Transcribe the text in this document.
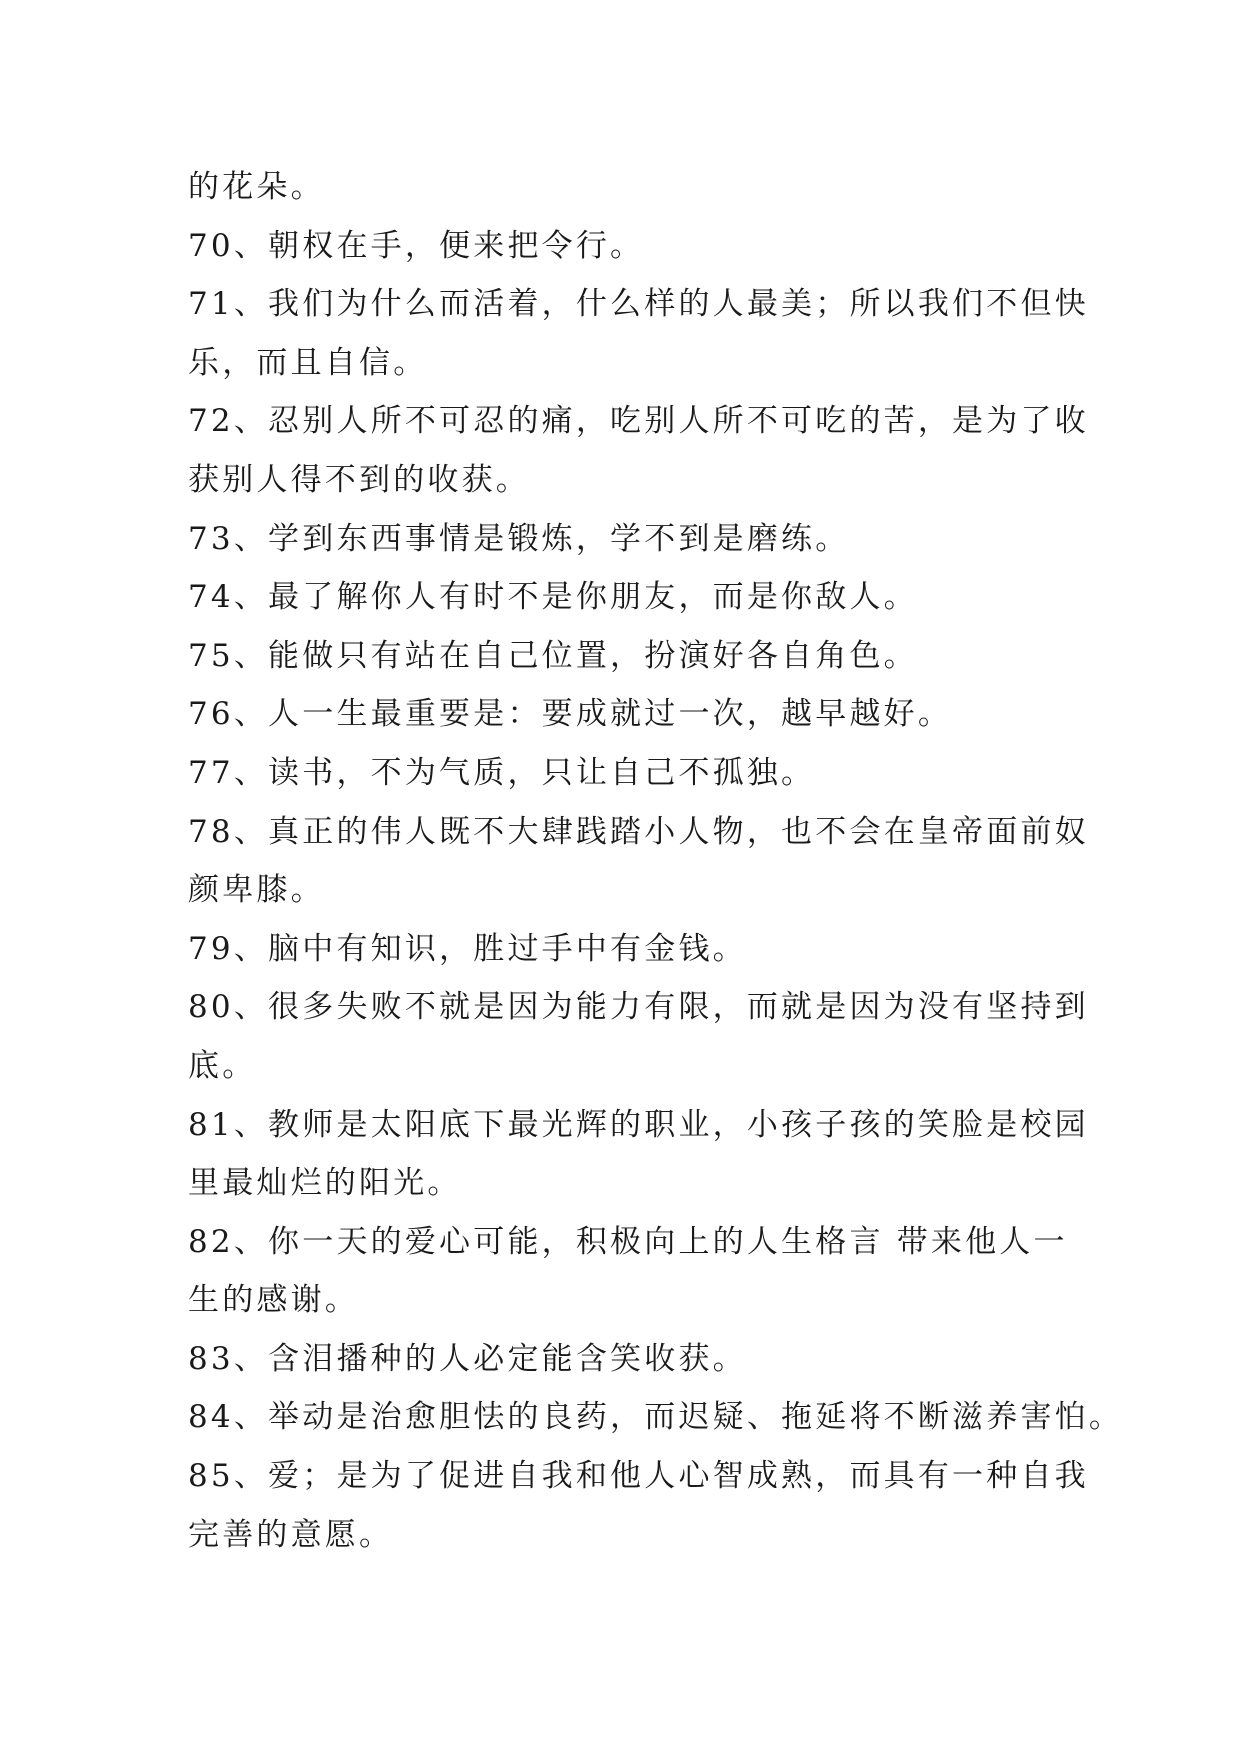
的花朵。
70、朝权在手，便来把令行。
71、我们为什么而活着，什么样的人最美；所以我们不但快
乐，而且自信。
72、忍别人所不可忍的痛，吃别人所不可吃的苦，是为了收
获别人得不到的收获。
73、学到东西事情是锻炼，学不到是磨练。
74、最了解你人有时不是你朋友，而是你敌人。
75、能做只有站在自己位置，扮演好各自角色。
76、人一生最重要是：要成就过一次，越早越好。
77、读书，不为气质，只让自己不孤独。
78、真正的伟人既不大肆践踏小人物，也不会在皇帝面前奴
颜卑膝。
79、脑中有知识，胜过手中有金钱。
80、很多失败不就是因为能力有限，而就是因为没有坚持到
底。
81、教师是太阳底下最光辉的职业，小孩子孩的笑脸是校园
里最灿烂的阳光。
82、你一天的爱心可能，积极向上的人生格言 带来他人一
生的感谢。
83、含泪播种的人必定能含笑收获。
84、举动是治愈胆怯的良药，而迟疑、拖延将不断滋养害怕。
85、爱；是为了促进自我和他人心智成熟，而具有一种自我
完善的意愿。
